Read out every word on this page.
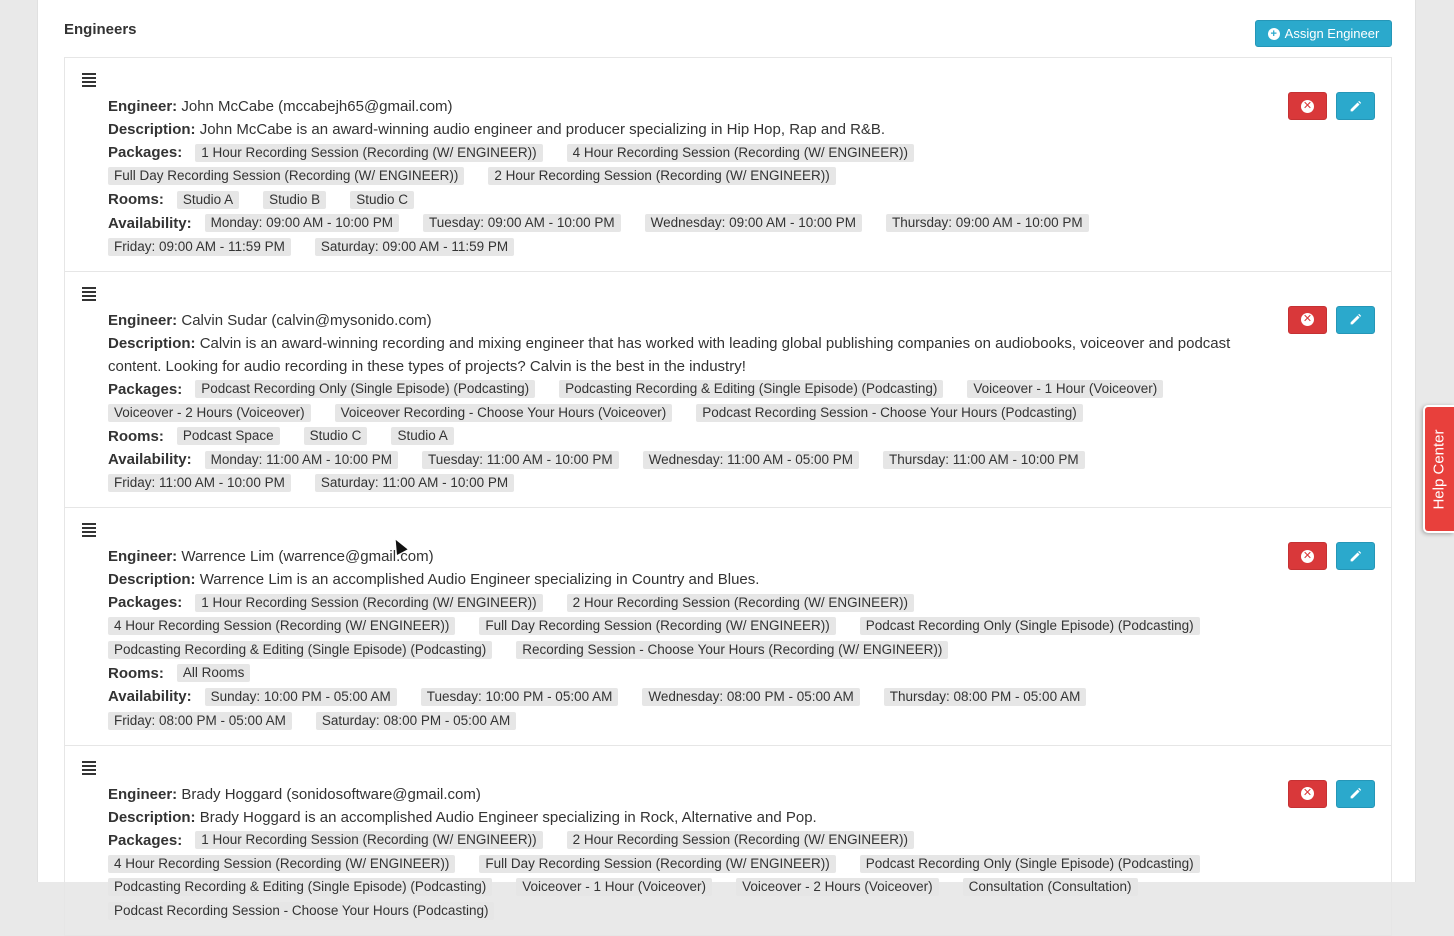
Engineers	+ Assign Engineer
✕
Engineer: John McCabe (mccabejh65@gmail.com)
Description: John McCabe is an award-winning audio engineer and producer specializing in Hip Hop, Rap and R&B.
Packages: 1 Hour Recording Session (Recording (W/ ENGINEER))	4 Hour Recording Session (Recording (W/ ENGINEER))Full Day Recording Session (Recording (W/ ENGINEER))	2 Hour Recording Session (Recording (W/ ENGINEER))
Rooms: Studio A	Studio B	Studio C
Availability: Monday: 09:00 AM - 10:00 PM	Tuesday: 09:00 AM - 10:00 PM	Wednesday: 09:00 AM - 10:00 PM	Thursday: 09:00 AM - 10:00 PMFriday: 09:00 AM - 11:59 PM	Saturday: 09:00 AM - 11:59 PM
✕
Engineer: Calvin Sudar (calvin@mysonido.com)
Description: Calvin is an award-winning recording and mixing engineer that has worked with leading global publishing companies on audiobooks, voiceover and podcast content. Looking for audio recording in these types of projects? Calvin is the best in the industry!
Packages: Podcast Recording Only (Single Episode) (Podcasting)	Podcasting Recording & Editing (Single Episode) (Podcasting)	Voiceover - 1 Hour (Voiceover)Voiceover - 2 Hours (Voiceover)	Voiceover Recording - Choose Your Hours (Voiceover)	Podcast Recording Session - Choose Your Hours (Podcasting)
Rooms: Podcast Space	Studio C	Studio A
Availability: Monday: 11:00 AM - 10:00 PM	Tuesday: 11:00 AM - 10:00 PM	Wednesday: 11:00 AM - 05:00 PM	Thursday: 11:00 AM - 10:00 PMFriday: 11:00 AM - 10:00 PM	Saturday: 11:00 AM - 10:00 PM
✕
Engineer: Warrence Lim (warrence@gmail.com)
Description: Warrence Lim is an accomplished Audio Engineer specializing in Country and Blues.
Packages: 1 Hour Recording Session (Recording (W/ ENGINEER))	2 Hour Recording Session (Recording (W/ ENGINEER))4 Hour Recording Session (Recording (W/ ENGINEER))	Full Day Recording Session (Recording (W/ ENGINEER))	Podcast Recording Only (Single Episode) (Podcasting)Podcasting Recording & Editing (Single Episode) (Podcasting)	Recording Session - Choose Your Hours (Recording (W/ ENGINEER))
Rooms: All Rooms
Availability: Sunday: 10:00 PM - 05:00 AM	Tuesday: 10:00 PM - 05:00 AM	Wednesday: 08:00 PM - 05:00 AM	Thursday: 08:00 PM - 05:00 AMFriday: 08:00 PM - 05:00 AM	Saturday: 08:00 PM - 05:00 AM
✕
Engineer: Brady Hoggard (sonidosoftware@gmail.com)
Description: Brady Hoggard is an accomplished Audio Engineer specializing in Rock, Alternative and Pop.
Packages: 1 Hour Recording Session (Recording (W/ ENGINEER))	2 Hour Recording Session (Recording (W/ ENGINEER))4 Hour Recording Session (Recording (W/ ENGINEER))	Full Day Recording Session (Recording (W/ ENGINEER))	Podcast Recording Only (Single Episode) (Podcasting)Podcasting Recording & Editing (Single Episode) (Podcasting)	Voiceover - 1 Hour (Voiceover)	Voiceover - 2 Hours (Voiceover)	Consultation (Consultation)Podcast Recording Session - Choose Your Hours (Podcasting)
Help Center
